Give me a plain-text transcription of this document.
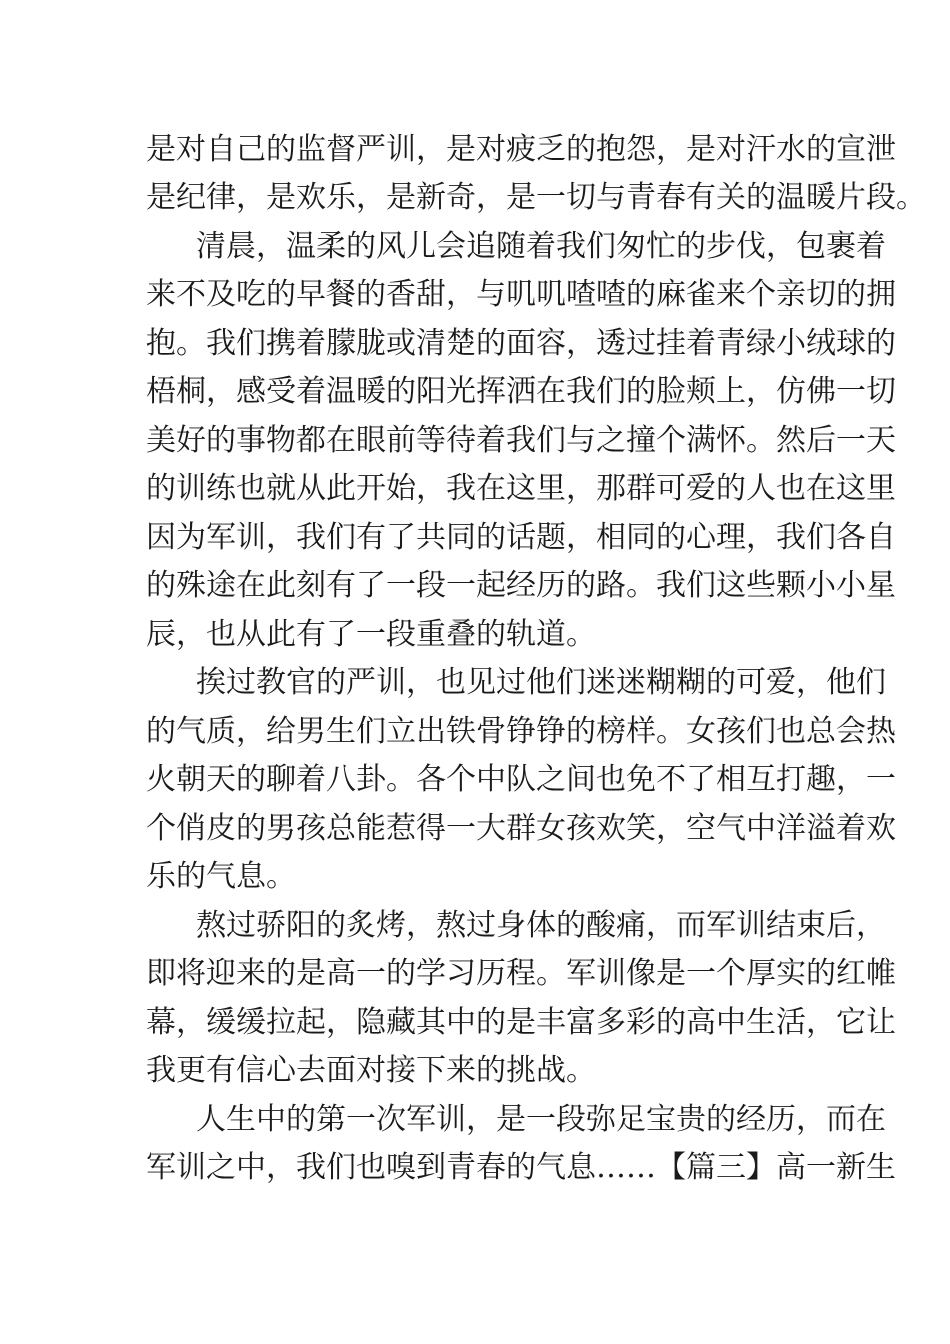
是对自己的监督严训，是对疲乏的抱怨，是对汗水的宣泄
是纪律，是欢乐，是新奇，是一切与青春有关的温暖片段。
清晨，温柔的风儿会追随着我们匆忙的步伐，包裹着
来不及吃的早餐的香甜，与叽叽喳喳的麻雀来个亲切的拥
抱。我们携着朦胧或清楚的面容，透过挂着青绿小绒球的
梧桐，感受着温暖的阳光挥洒在我们的脸颊上，仿佛一切
美好的事物都在眼前等待着我们与之撞个满怀。然后一天
的训练也就从此开始，我在这里，那群可爱的人也在这里
因为军训，我们有了共同的话题，相同的心理，我们各自
的殊途在此刻有了一段一起经历的路。我们这些颗小小星
辰，也从此有了一段重叠的轨道。
挨过教官的严训，也见过他们迷迷糊糊的可爱，他们
的气质，给男生们立出铁骨铮铮的榜样。女孩们也总会热
火朝天的聊着八卦。各个中队之间也免不了相互打趣，一
个俏皮的男孩总能惹得一大群女孩欢笑，空气中洋溢着欢
乐的气息。
熬过骄阳的炙烤，熬过身体的酸痛，而军训结束后，
即将迎来的是高一的学习历程。军训像是一个厚实的红帷
幕，缓缓拉起，隐藏其中的是丰富多彩的高中生活，它让
我更有信心去面对接下来的挑战。
人生中的第一次军训，是一段弥足宝贵的经历，而在
军训之中，我们也嗅到青春的气息……【篇三】高一新生
